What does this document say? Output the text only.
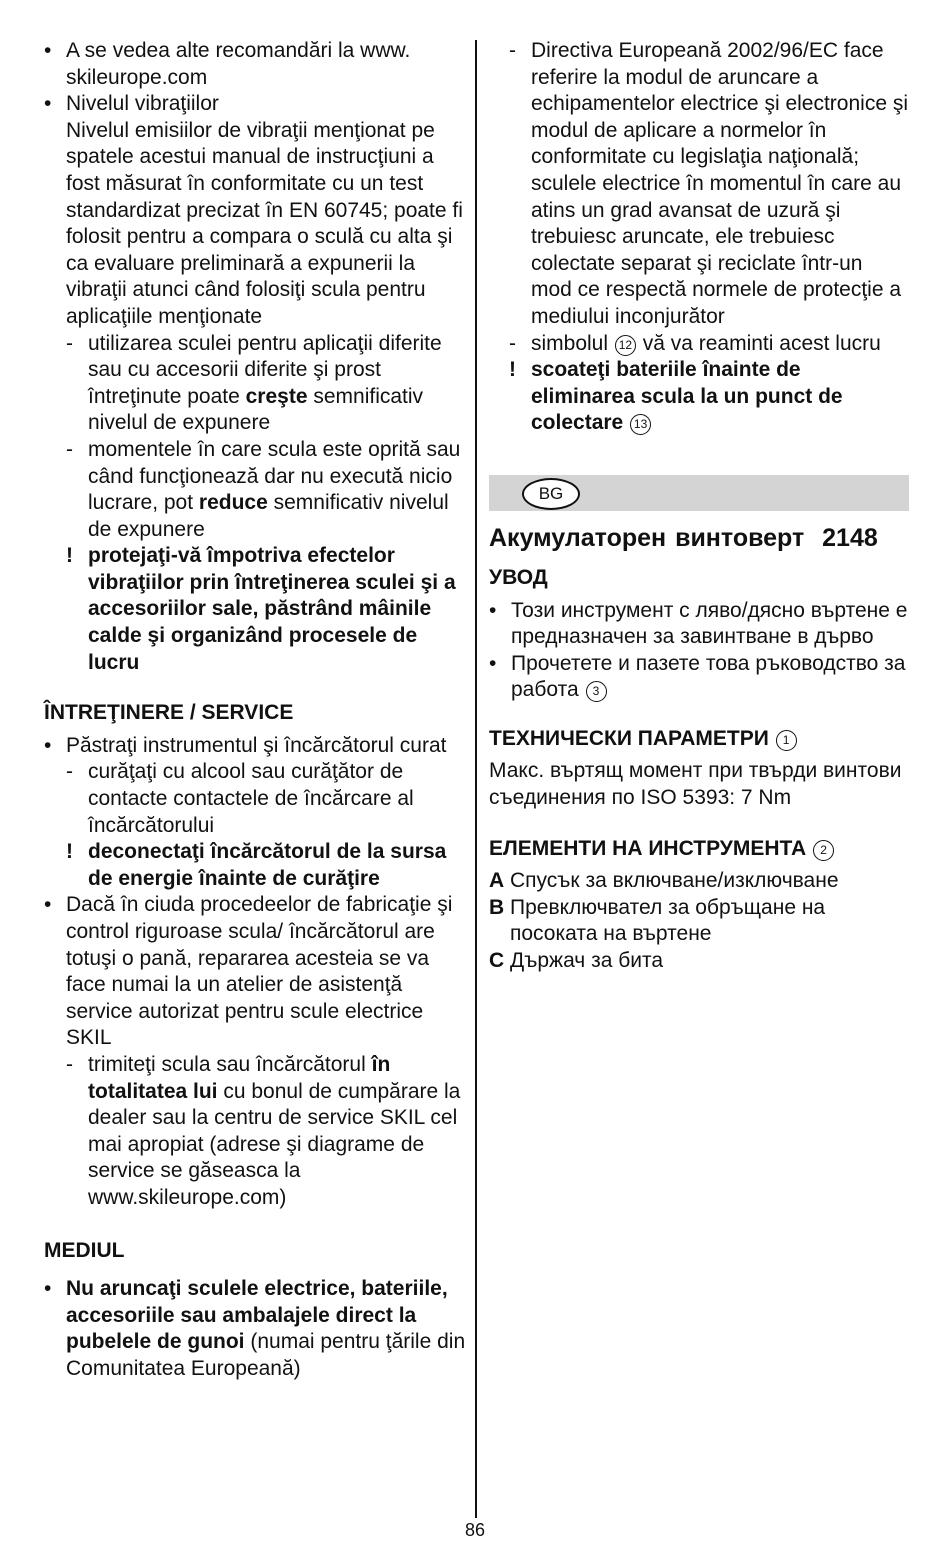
• A se vedea alte recomandări la www. skileurope.com
• Nivelul vibraţiilor
Nivelul emisiilor de vibraţii menţionat pe spatele acestui manual de instrucţiuni a fost măsurat în conformitate cu un test standardizat precizat în EN 60745; poate fi folosit pentru a compara o sculă cu alta şi ca evaluare preliminară a expunerii la vibraţii atunci când folosiţi scula pentru aplicaţiile menţionate
- utilizarea sculei pentru aplicaţii diferite sau cu accesorii diferite şi prost întreţinute poate creşte semnificativ nivelul de expunere
- momentele în care scula este oprită sau când funcţionează dar nu execută nicio lucrare, pot reduce semnificativ nivelul de expunere
! protejaţi-vă împotriva efectelor vibraţiilor prin întreţinerea sculei şi a accesoriilor sale, păstrând mâinile calde şi organizând procesele de lucru
ÎNTREŢINERE / SERVICE
• Păstraţi instrumentul şi încărcătorul curat
- curăţaţi cu alcool sau curăţător de contacte contactele de încărcare al încărcătorului
! deconectaţi încărcătorul de la sursa de energie înainte de curăţire
• Dacă în ciuda procedeelor de fabricaţie şi control riguroase scula/ încărcătorul are totuşi o pană, repararea acesteia se va face numai la un atelier de asistenţă service autorizat pentru scule electrice SKIL
- trimiteţi scula sau încărcătorul în totalitatea lui cu bonul de cumpărare la dealer sau la centru de service SKIL cel mai apropiat (adrese şi diagrame de service se găseasca la www.skileurope.com)
MEDIUL
• Nu aruncaţi sculele electrice, bateriile, accesoriile sau ambalajele direct la pubelele de gunoi (numai pentru ţările din Comunitatea Europeană)
- Directiva Europeană 2002/96/EC face referire la modul de aruncare a echipamentelor electrice şi electronice şi modul de aplicare a normelor în conformitate cu legislaţia naţională; sculele electrice în momentul în care au atins un grad avansat de uzură şi trebuiesc aruncate, ele trebuiesc colectate separat şi reciclate într-un mod ce respectă normele de protecţie a mediului inconjurător
- simbolul 12 vă va reaminti acest lucru
! scoateţi bateriile înainte de eliminarea scula la un punct de colectare 13
BG
Акумулаторен винтоверт 2148
УВОД
• Този инструмент с ляво/дясно въртене е предназначен за завинтване в дърво
• Прочетете и пазете това ръководство за работа 3
ТЕХНИЧЕСКИ ПАРАМЕТРИ 1
Макс. въртящ момент при твърди винтови съединения по ISO 5393: 7 Nm
ЕЛЕМЕНТИ НА ИНСТРУМЕНТА 2
A Спусък за включване/изключване
B Превключвател за обръщане на посоката на въртене
C Държач за бита
86
